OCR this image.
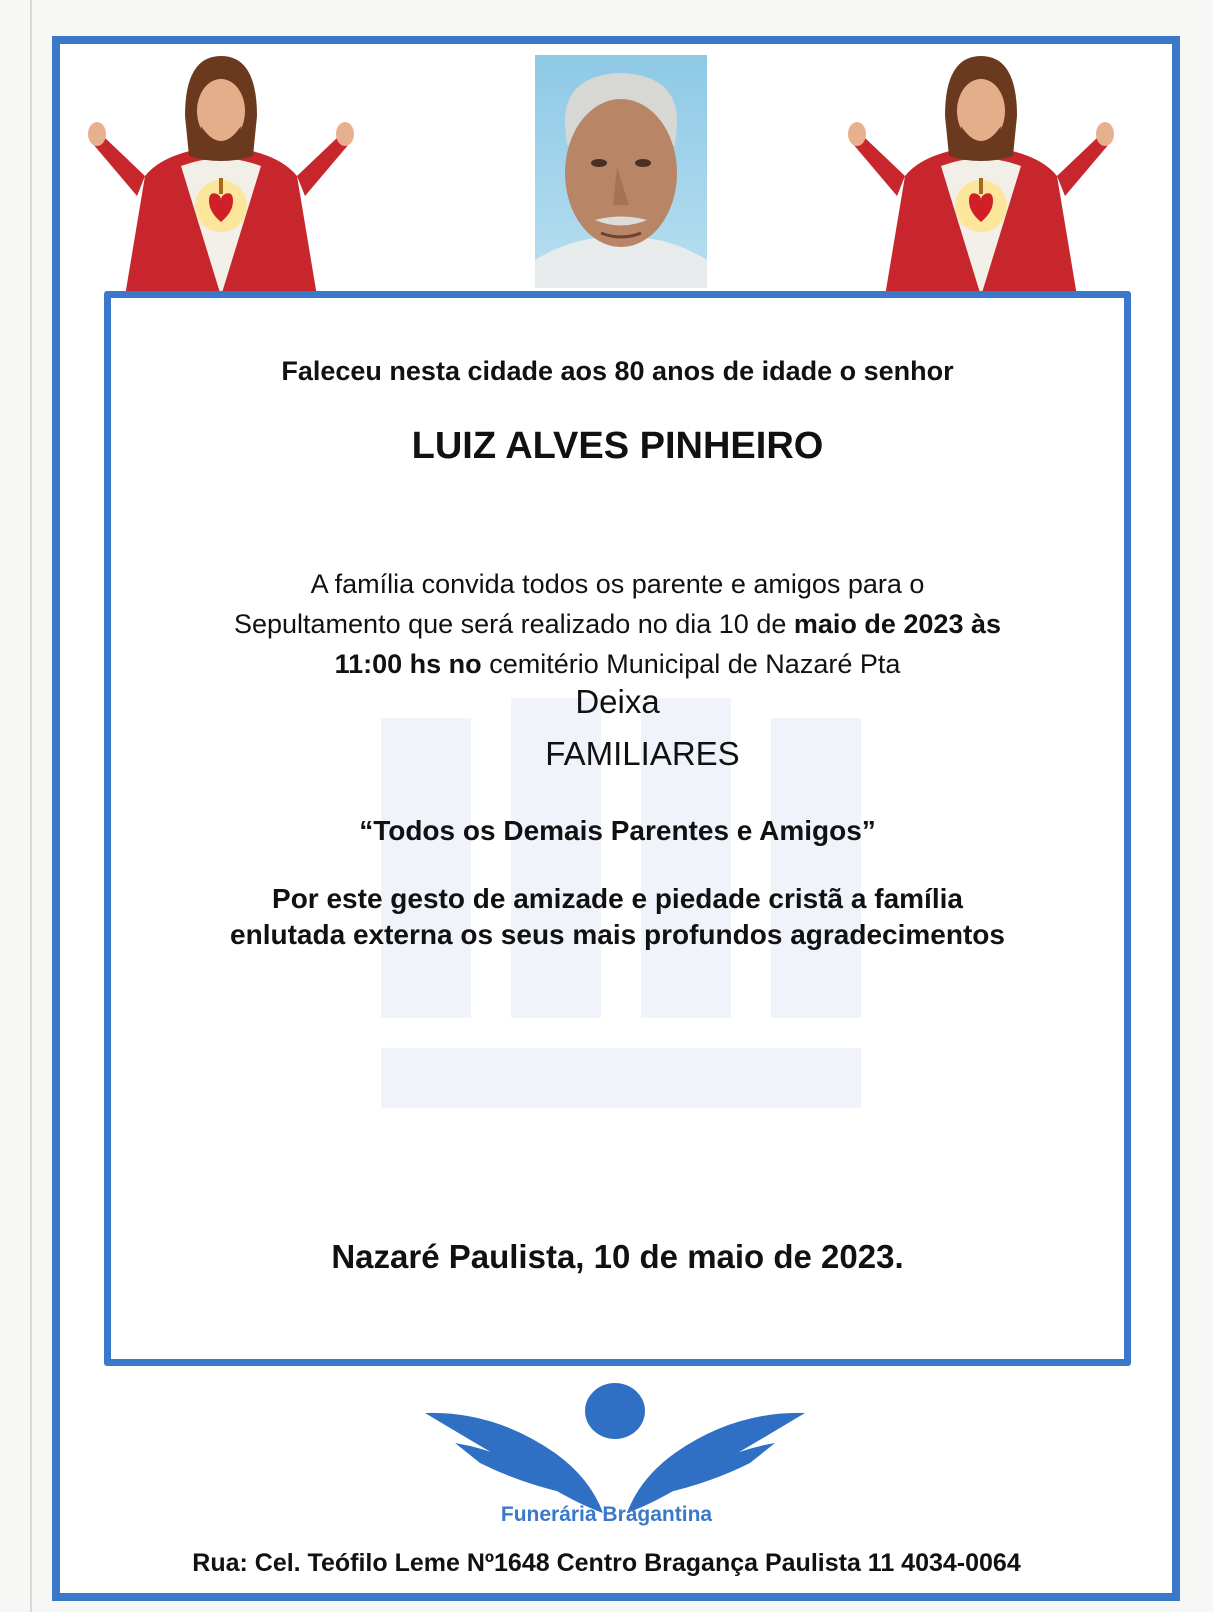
Faleceu nesta cidade aos 80 anos de idade o senhor
LUIZ ALVES PINHEIRO
A família convida todos os parente e amigos para o
Sepultamento que será realizado no dia 10 de maio de 2023 às
11:00 hs no cemitério Municipal de Nazaré Pta
Deixa
FAMILIARES
“Todos os Demais Parentes e Amigos”
Por este gesto de amizade e piedade cristã a família
enlutada externa os seus mais profundos agradecimentos
Nazaré Paulista, 10 de maio de 2023.
Funerária Bragantina
Rua: Cel. Teófilo Leme Nº1648 Centro Bragança Paulista 11 4034-0064
